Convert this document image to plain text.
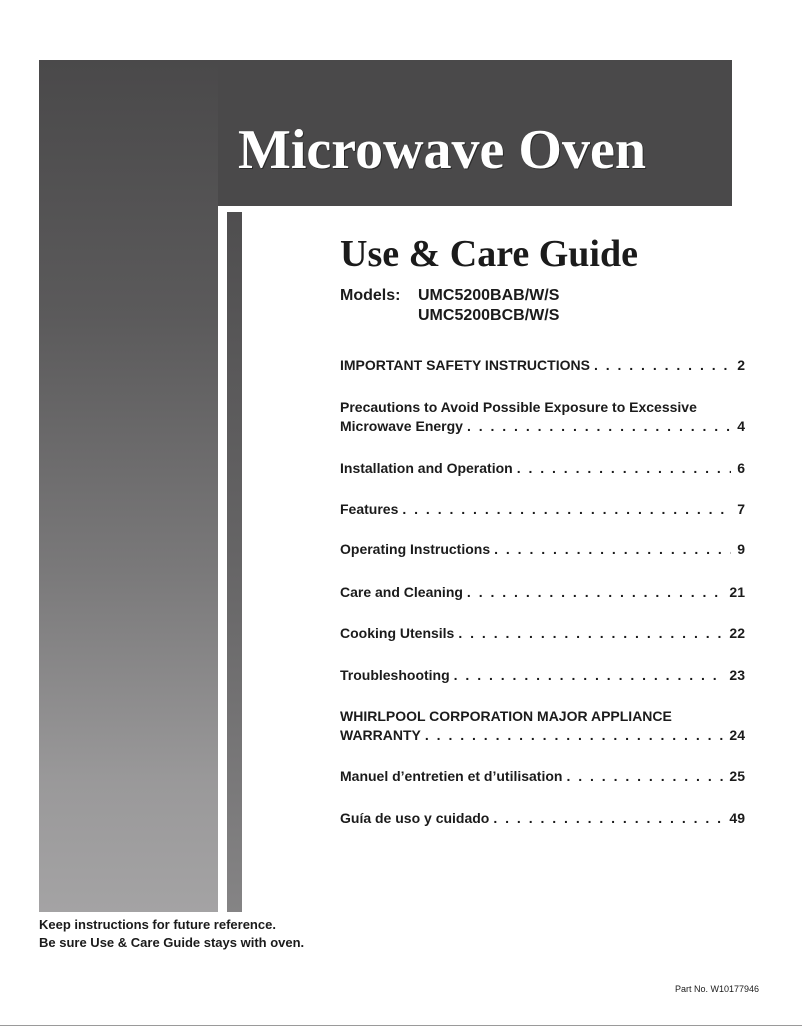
Microwave Oven
Use & Care Guide
Models:	UMC5200BAB/W/S
UMC5200BCB/W/S
IMPORTANT SAFETY INSTRUCTIONS . . .	2
Precautions to Avoid Possible Exposure to Excessive
Microwave Energy . . .	4
Installation and Operation . . .	6
Features . . .	7
Operating Instructions . . .	9
Care and Cleaning . . .	21
Cooking Utensils . . .	22
Troubleshooting . . .	23
WHIRLPOOL CORPORATION MAJOR APPLIANCE
WARRANTY . . .	24
Manuel d’entretien et d’utilisation . . .	25
Guía de uso y cuidado . . .	49
Keep instructions for future reference.
Be sure Use & Care Guide stays with oven.
Part No. W10177946
